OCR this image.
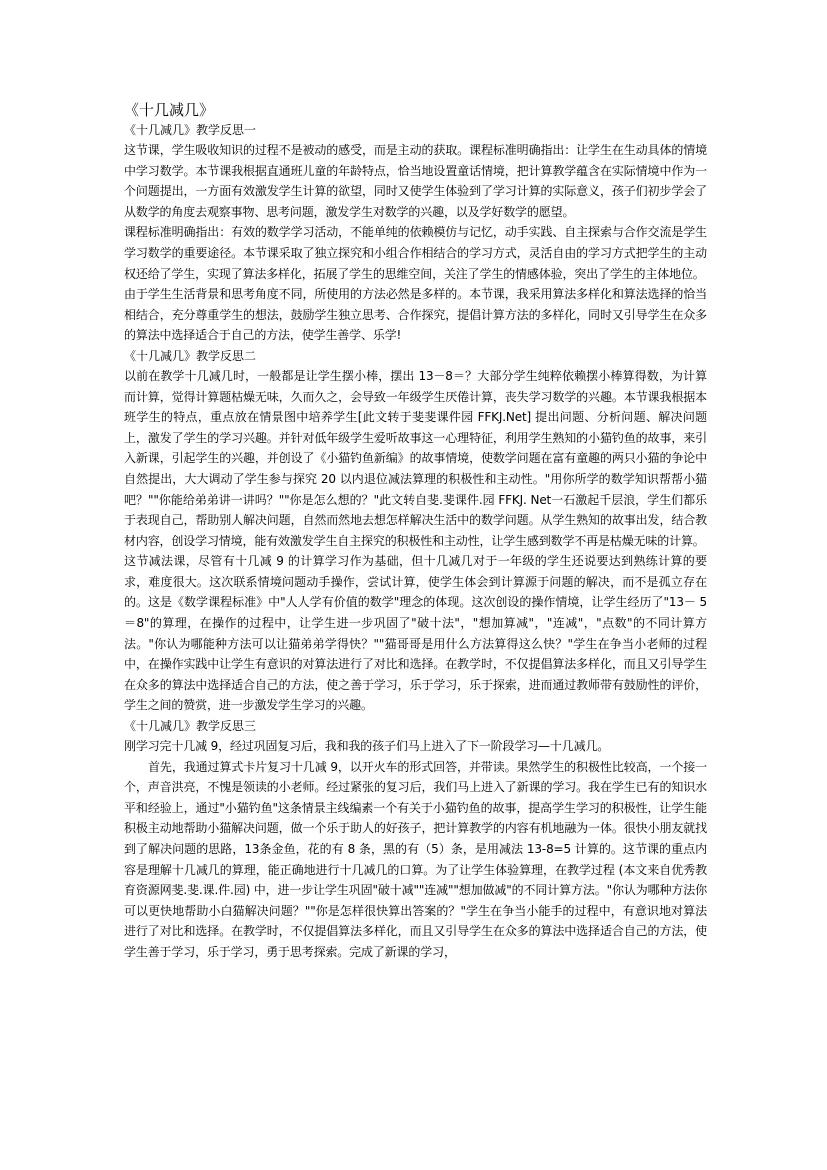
《十几减几》
《十几减几》教学反思一

这节课，学生吸收知识的过程不是被动的感受，而是主动的获取。课程标准明确指出：让学生在生动具体的情境中学习数学。本节课我根据直通班儿童的年龄特点，恰当地设置童话情境，把计算教学蕴含在实际情境中作为一个问题提出，一方面有效激发学生计算的欲望，同时又使学生体验到了学习计算的实际意义，孩子们初步学会了从数学的角度去观察事物、思考问题，激发学生对数学的兴趣，以及学好数学的愿望。

课程标准明确指出：有效的数学学习活动，不能单纯的依赖模仿与记忆，动手实践、自主探索与合作交流是学生学习数学的重要途径。本节课采取了独立探究和小组合作相结合的学习方式，灵活自由的学习方式把学生的主动权还给了学生，实现了算法多样化，拓展了学生的思维空间，关注了学生的情感体验，突出了学生的主体地位。

由于学生生活背景和思考角度不同，所使用的方法必然是多样的。本节课，我采用算法多样化和算法选择的恰当相结合，充分尊重学生的想法，鼓励学生独立思考、合作探究，提倡计算方法的多样化，同时又引导学生在众多的算法中选择适合于自己的方法，使学生善学、乐学!

《十几减几》教学反思二

以前在教学十几减几时，一般都是让学生摆小棒，摆出 13－8＝？大部分学生纯粹依赖摆小棒算得数，为计算而计算，觉得计算题枯燥无味，久而久之，会导致一年级学生厌倦计算，丧失学习数学的兴趣。本节课我根据本班学生的特点，重点放在情景图中培养学生[此文转于斐斐课件园 FFKJ.Net] 提出问题、分析问题、解决问题上，激发了学生的学习兴趣。并针对低年级学生爱听故事这一心理特征，利用学生熟知的小猫钓鱼的故事，来引入新课，引起学生的兴趣，并创设了《小猫钓鱼新编》的故事情境，使数学问题在富有童趣的两只小猫的争论中自然提出，大大调动了学生参与探究 20 以内退位减法算理的积极性和主动性。"用你所学的数学知识帮帮小猫吧？""你能给弟弟讲一讲吗？""你是怎么想的？"此文转自斐.斐课件.园 FFKJ. Net一石激起千层浪，学生们都乐于表现自己，帮助别人解决问题，自然而然地去想怎样解决生活中的数学问题。从学生熟知的故事出发，结合教材内容，创设学习情境，能有效激发学生自主探究的积极性和主动性，让学生感到数学不再是枯燥无味的计算。

这节减法课，尽管有十几减 9 的计算学习作为基础，但十几减几对于一年级的学生还说要达到熟练计算的要求，难度很大。这次联系情境问题动手操作，尝试计算，使学生体会到计算源于问题的解决，而不是孤立存在的。这是《数学课程标准》中"人人学有价值的数学"理念的体现。这次创设的操作情境，让学生经历了"13－ 5＝8"的算理，在操作的过程中，让学生进一步巩固了"破十法"，"想加算减"，"连减"，"点数"的不同计算方法。"你认为哪能种方法可以让猫弟弟学得快？""猫哥哥是用什么方法算得这么快？"学生在争当小老师的过程中，在操作实践中让学生有意识的对算法进行了对比和选择。在教学时，不仅提倡算法多样化，而且又引导学生在众多的算法中选择适合自己的方法，使之善于学习，乐于学习，乐于探索，进而通过教师带有鼓励性的评价，学生之间的赞赏，进一步激发学生学习的兴趣。

《十几减几》教学反思三

刚学习完十几减 9，经过巩固复习后，我和我的孩子们马上进入了下一阶段学习—十几减几。

首先，我通过算式卡片复习十几减 9，以开火车的形式回答，并带读。果然学生的积极性比较高，一个接一个，声音洪亮，不愧是领读的小老师。经过紧张的复习后，我们马上进入了新课的学习。我在学生已有的知识水平和经验上，通过"小猫钓鱼"这条情景主线编素一个有关于小猫钓鱼的故事，提高学生学习的积极性，让学生能积极主动地帮助小猫解决问题，做一个乐于助人的好孩子，把计算教学的内容有机地融为一体。很快小朋友就找到了解决问题的思路，13条金鱼，花的有 8 条，黑的有（5）条，是用减法 13-8=5 计算的。这节课的重点内容是理解十几减几的算理，能正确地进行十几减几的口算。为了让学生体验算理，在教学过程 (本文来自优秀教育资源网斐.斐.课.件.园) 中，进一步让学生巩固"破十减""连减""想加做减"的不同计算方法。"你认为哪种方法你可以更快地帮助小白猫解决问题？""你是怎样很快算出答案的？"学生在争当小能手的过程中，有意识地对算法进行了对比和选择。在教学时，不仅提倡算法多样化，而且又引导学生在众多的算法中选择适合自己的方法，使学生善于学习，乐于学习，勇于思考探索。完成了新课的学习，
